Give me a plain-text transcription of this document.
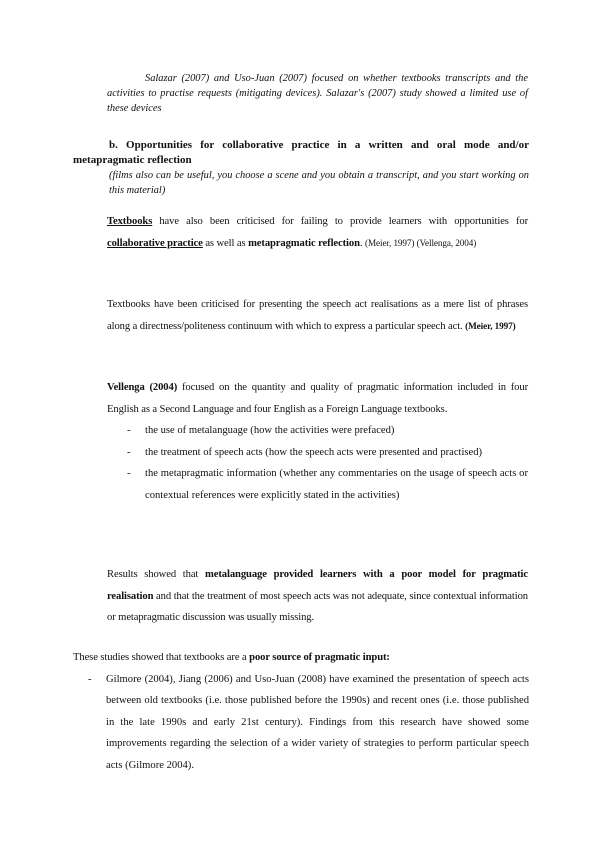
Salazar (2007) and Uso-Juan (2007) focused on whether textbooks transcripts and the activities to practise requests (mitigating devices). Salazar's (2007) study showed a limited use of these devices

b. Opportunities for collaborative practice in a written and oral mode and/or metapragmatic reflection

(films also can be useful, you choose a scene and you obtain a transcript, and you start working on this material)

Textbooks have also been criticised for failing to provide learners with opportunities for collaborative practice as well as metapragmatic reflection. (Meier, 1997) (Vellenga, 2004)

Textbooks have been criticised for presenting the speech act realisations as a mere list of phrases along a directness/politeness continuum with which to express a particular speech act. (Meier, 1997)

Vellenga (2004) focused on the quantity and quality of pragmatic information included in four English as a Second Language and four English as a Foreign Language textbooks.

- the use of metalanguage (how the activities were prefaced)
- the treatment of speech acts (how the speech acts were presented and practised)
- the metapragmatic information (whether any commentaries on the usage of speech acts or contextual references were explicitly stated in the activities)

Results showed that metalanguage provided learners with a poor model for pragmatic realisation and that the treatment of most speech acts was not adequate, since contextual information or metapragmatic discussion was usually missing.

These studies showed that textbooks are a poor source of pragmatic input:

- Gilmore (2004), Jiang (2006) and Uso-Juan (2008) have examined the presentation of speech acts between old textbooks (i.e. those published before the 1990s) and recent ones (i.e. those published in the late 1990s and early 21st century). Findings from this research have showed some improvements regarding the selection of a wider variety of strategies to perform particular speech acts (Gilmore 2004).
